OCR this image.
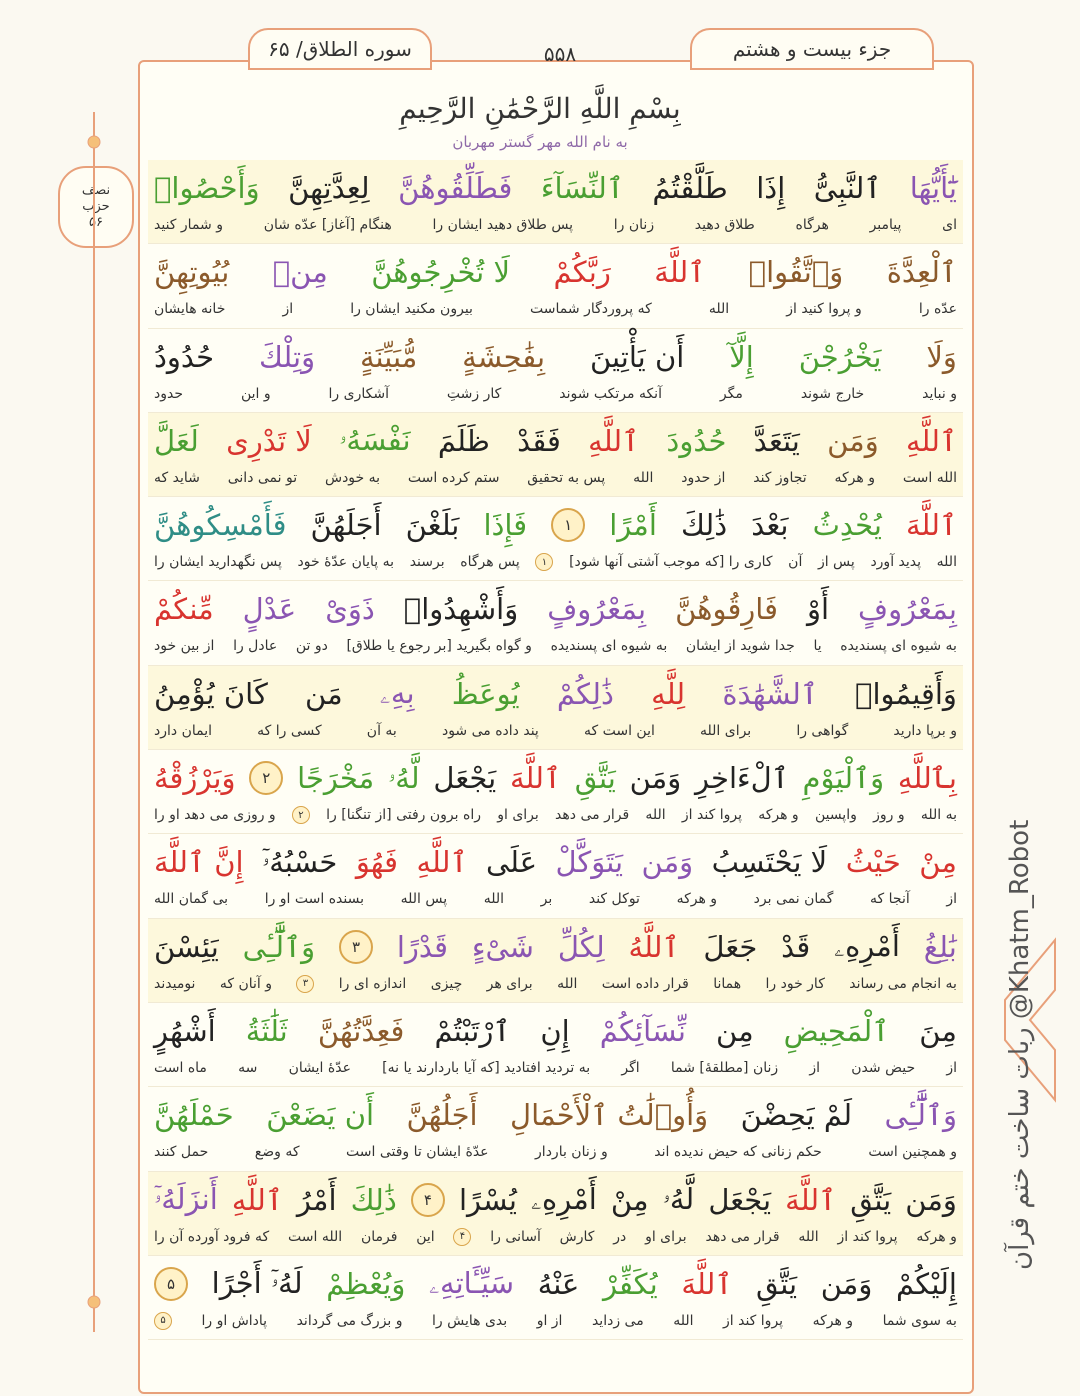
سوره الطلاق/ ۶۵	۵۵۸	جزء بیست و هشتم
بِسْمِ اللَّهِ الرَّحْمَٰنِ الرَّحِيمِ
به نام الله مهر گستر مهربان
نصف
حزب
۵۶
ربات ساخت ختم قرآن @Khatm_Robot
يَٰٓأَيُّهَا
ٱلنَّبِىُّ
إِذَا
طَلَّقْتُمُ
ٱلنِّسَآءَ
فَطَلِّقُوهُنَّ
لِعِدَّتِهِنَّ
وَأَحْصُوا۟
ای
پیامبر
هرگاه
طلاق دهید
زنان را
پس طلاق دهید ایشان را
هنگام [آغاز] عدّه شان
و شمار کنید
ٱلْعِدَّةَ
وَٱتَّقُوا۟
ٱللَّهَ
رَبَّكُمْ
لَا تُخْرِجُوهُنَّ
مِنۢ
بُيُوتِهِنَّ
عدّه را
و پروا کنید از
الله
که پروردگار شماست
بیرون مکنید ایشان را
از
خانه هایشان
وَلَا
يَخْرُجْنَ
إِلَّآ
أَن يَأْتِينَ
بِفَٰحِشَةٍ
مُّبَيِّنَةٍ
وَتِلْكَ
حُدُودُ
و نباید
خارج شوند
مگر
آنکه مرتکب شوند
کار زشتِ
آشکاری را
و این
حدود
ٱللَّهِ
وَمَن
يَتَعَدَّ
حُدُودَ
ٱللَّهِ
فَقَدْ
ظَلَمَ
نَفْسَهُۥ
لَا تَدْرِى
لَعَلَّ
الله است
و هرکه
تجاوز کند
از حدود
الله
پس به تحقیق
ستم کرده است
به خودش
تو نمی دانی
شاید که
ٱللَّهَ
يُحْدِثُ
بَعْدَ
ذَٰلِكَ
أَمْرًا
۱
فَإِذَا
بَلَغْنَ
أَجَلَهُنَّ
فَأَمْسِكُوهُنَّ
الله
پدید آورد
پس از
آن
کاری را [که موجب آشتی آنها شود]
۱
پس هرگاه
برسند
به پایان عدّهٔ خود
پس نگهدارید ایشان را
بِمَعْرُوفٍ
أَوْ
فَارِقُوهُنَّ
بِمَعْرُوفٍ
وَأَشْهِدُوا۟
ذَوَىْ
عَدْلٍ
مِّنكُمْ
به شیوه ای پسندیده
یا
جدا شوید از ایشان
به شیوه ای پسندیده
و گواه بگیرید [بر رجوع یا طلاق]
دو تن
عادل را
از بین خود
وَأَقِيمُوا۟
ٱلشَّهَٰدَةَ
لِلَّهِ
ذَٰلِكُمْ
يُوعَظُ
بِهِۦ
مَن
كَانَ يُؤْمِنُ
و برپا دارید
گواهی را
برای الله
این است که
پند داده می شود
به آن
کسی را که
ایمان دارد
بِٱللَّهِ
وَٱلْيَوْمِ
ٱلْءَاخِرِ
وَمَن
يَتَّقِ
ٱللَّهَ
يَجْعَل
لَّهُۥ
مَخْرَجًا
۲
وَيَرْزُقْهُ
به الله
و روز
واپسین
و هرکه
پروا کند از
الله
قرار می دهد
برای او
راه برون رفتی [از تنگنا] را
۲
و روزی می دهد او را
مِنْ
حَيْثُ
لَا يَحْتَسِبُ
وَمَن
يَتَوَكَّلْ
عَلَى
ٱللَّهِ
فَهُوَ
حَسْبُهُۥٓ
إِنَّ ٱللَّهَ
از
آنجا که
گمان نمی برد
و هرکه
توکل کند
بر
الله
پس الله
بسنده است او را
بی گمان الله
بَٰلِغُ
أَمْرِهِۦ
قَدْ
جَعَلَ
ٱللَّهُ
لِكُلِّ
شَىْءٍ
قَدْرًا
۳
وَٱلَّٰٓـِٔى
يَئِسْنَ
به انجام می رساند
کار خود را
همانا
قرار داده است
الله
برای هر
چیزی
اندازه ای را
۳
و آنان که
نومیدند
مِنَ
ٱلْمَحِيضِ
مِن
نِّسَآئِكُمْ
إِنِ
ٱرْتَبْتُمْ
فَعِدَّتُهُنَّ
ثَلَٰثَةُ
أَشْهُرٍ
از
حیض شدن
از
زنان [مطلقهٔ] شما
اگر
به تردید افتادید [که آیا باردارند یا نه]
عدّهٔ ایشان
سه
ماه است
وَٱلَّٰٓـِٔى
لَمْ يَحِضْنَ
وَأُو۟لَٰتُ ٱلْأَحْمَالِ
أَجَلُهُنَّ
أَن يَضَعْنَ
حَمْلَهُنَّ
و همچنین است
حکم زنانی که حیض ندیده اند
و زنان باردار
عدّهٔ ایشان تا وقتی است
که وضع
حمل کنند
وَمَن
يَتَّقِ
ٱللَّهَ
يَجْعَل
لَّهُۥ
مِنْ
أَمْرِهِۦ
يُسْرًا
۴
ذَٰلِكَ
أَمْرُ
ٱللَّهِ
أَنزَلَهُۥٓ
و هرکه
پروا کند از
الله
قرار می دهد
برای او
در
کارش
آسانی را
۴
این
فرمان
الله است
که فرود آورده آن را
إِلَيْكُمْ
وَمَن
يَتَّقِ
ٱللَّهَ
يُكَفِّرْ
عَنْهُ
سَيِّـَٔاتِهِۦ
وَيُعْظِمْ
لَهُۥٓ أَجْرًا
۵
به سوی شما
و هرکه
پروا کند از
الله
می زداید
از او
بدی هایش را
و بزرگ می گرداند
پاداش او را
۵
